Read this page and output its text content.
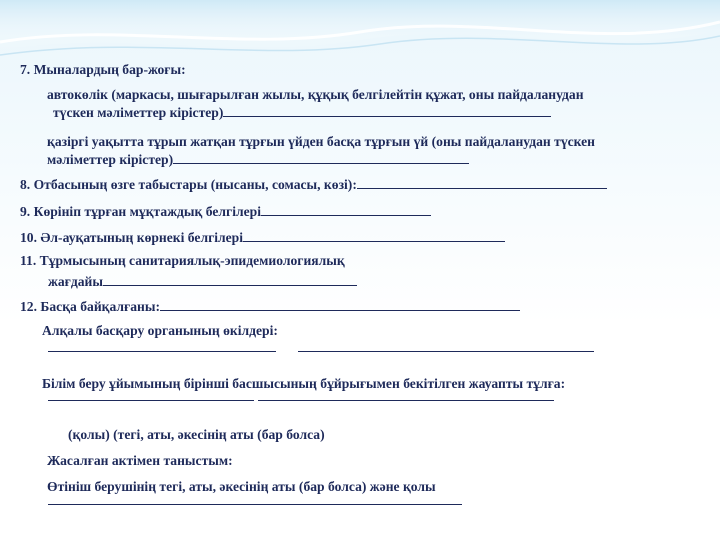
7. Мыналардың бар-жоғы:
автокөлік (маркасы, шығарылған жылы, құқық белгілейтін құжат, оны пайдаланудан
түскен мәліметтер кірістер)
қазіргі уақытта тұрып жатқан тұрғын үйден басқа тұрғын үй (оны пайдаланудан түскен
мәліметтер кірістер)
8. Отбасының өзге табыстары (нысаны, сомасы, көзі):
9. Көрініп тұрған мұқтаждық белгілері
10. Әл-ауқатының көрнекі белгілері
11. Тұрмысының санитариялық-эпидемиологиялық
жағдайы
12. Басқа байқалғаны:
Алқалы басқару органының өкілдері:
Білім беру ұйымының бірінші басшысының бұйрығымен бекітілген жауапты тұлға:
(қолы) (тегі, аты, әкесінің аты (бар болса)
Жасалған актімен таныстым:
Өтініш берушінің тегі, аты, әкесінің аты (бар болса) және қолы
